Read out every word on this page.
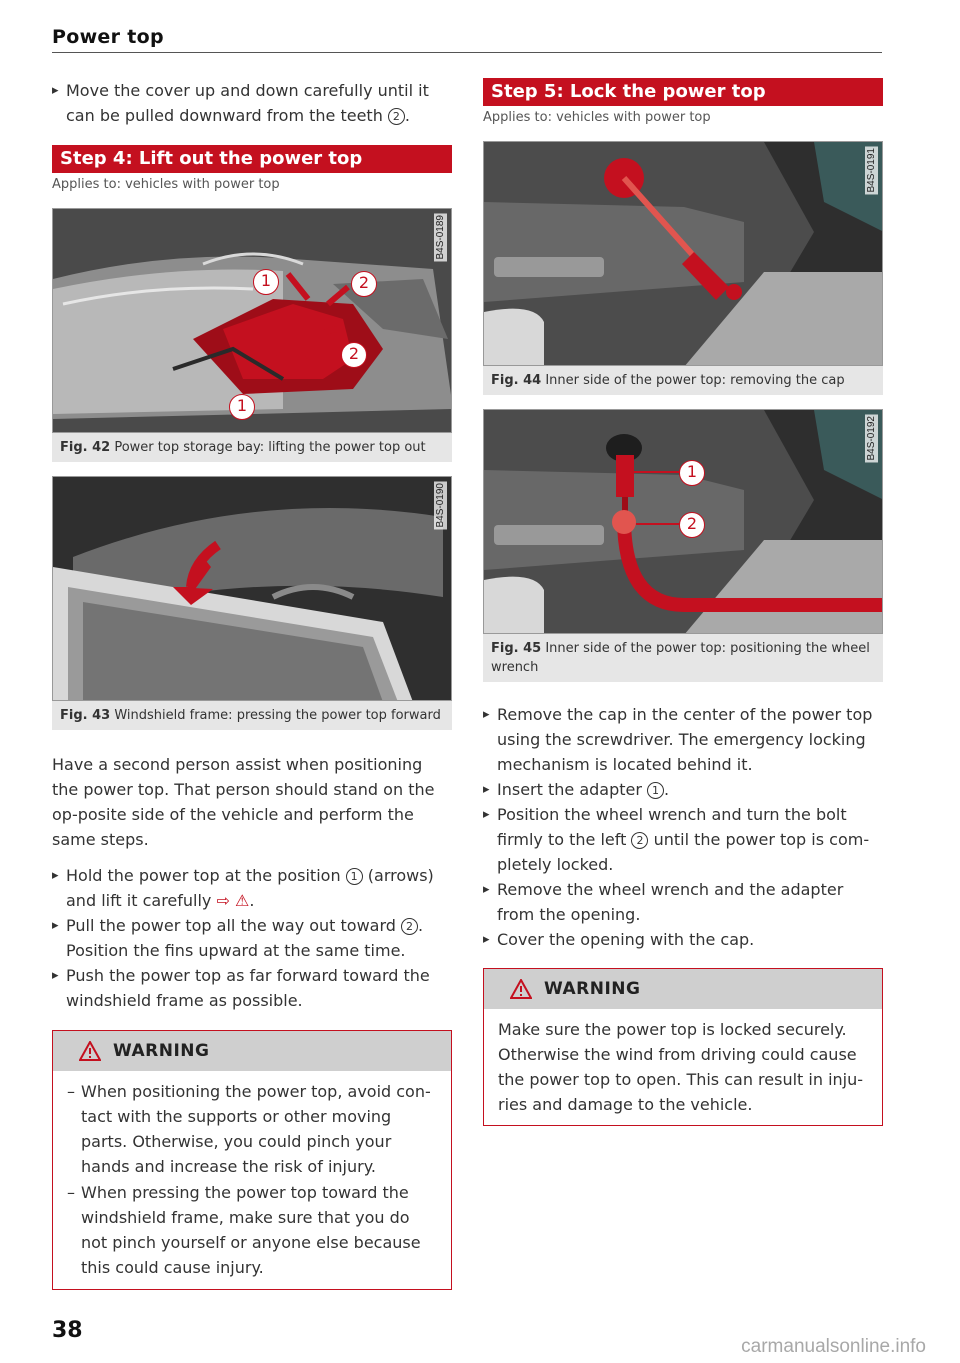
Power top
▸ Move the cover up and down carefully until it can be pulled downward from the teeth 2 .
Step 4: Lift out the power top
Applies to: vehicles with power top
B4S-0189
1	2
2
1
Fig. 42 Power top storage bay: lifting the power top out
B4S-0190
Fig. 43 Windshield frame: pressing the power top forward
Have a second person assist when positioning the power top. That person should stand on the op-posite side of the vehicle and perform the same steps.
▸ Hold the power top at the position 1 (arrows) and lift it carefully ⇨ ⚠.
▸ Pull the power top all the way out toward 2 . Position the fins upward at the same time.
▸ Push the power top as far forward toward the windshield frame as possible.
WARNING
– When positioning the power top, avoid con-tact with the supports or other moving parts. Otherwise, you could pinch your hands and increase the risk of injury.
– When pressing the power top toward the windshield frame, make sure that you do not pinch yourself or anyone else because this could cause injury.
Step 5: Lock the power top
Applies to: vehicles with power top
B4S-0191
Fig. 44 Inner side of the power top: removing the cap
B4S-0192
1
2
Fig. 45 Inner side of the power top: positioning the wheel wrench
▸ Remove the cap in the center of the power top using the screwdriver. The emergency locking mechanism is located behind it.
▸ Insert the adapter 1 .
▸ Position the wheel wrench and turn the bolt firmly to the left 2 until the power top is com-pletely locked.
▸ Remove the wheel wrench and the adapter from the opening.
▸ Cover the opening with the cap.
WARNING
Make sure the power top is locked securely. Otherwise the wind from driving could cause the power top to open. This can result in inju-ries and damage to the vehicle.
38
carmanualsonline.info
